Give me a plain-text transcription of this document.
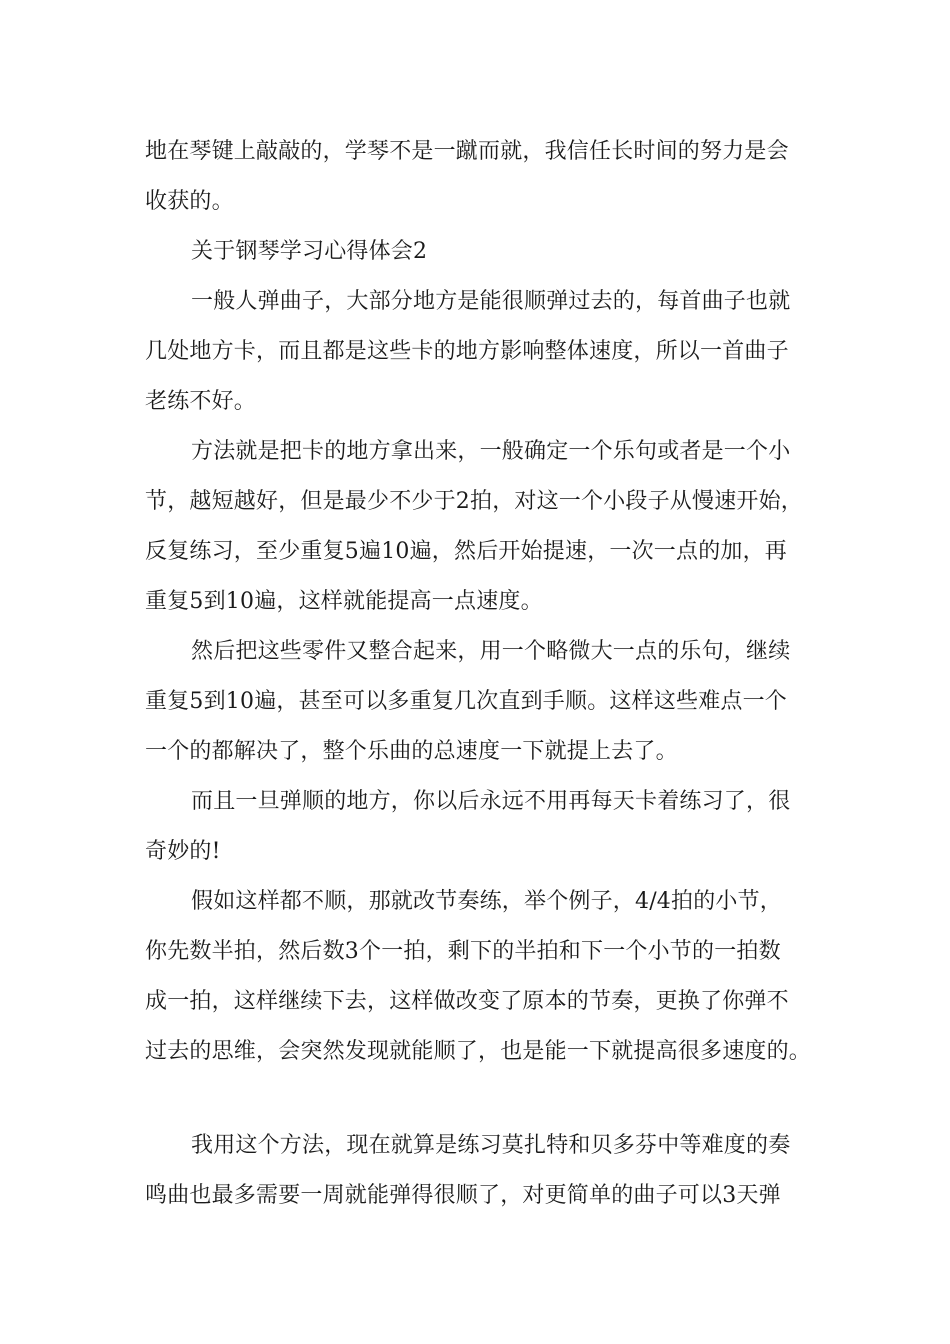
地在琴键上敲敲的，学琴不是一蹴而就，我信任长时间的努力是会
收获的。
关于钢琴学习心得体会2
一般人弹曲子，大部分地方是能很顺弹过去的，每首曲子也就
几处地方卡，而且都是这些卡的地方影响整体速度，所以一首曲子
老练不好。
方法就是把卡的地方拿出来，一般确定一个乐句或者是一个小
节，越短越好，但是最少不少于2拍，对这一个小段子从慢速开始，
反复练习，至少重复5遍10遍，然后开始提速，一次一点的加，再
重复5到10遍，这样就能提高一点速度。
然后把这些零件又整合起来，用一个略微大一点的乐句，继续
重复5到10遍，甚至可以多重复几次直到手顺。这样这些难点一个
一个的都解决了，整个乐曲的总速度一下就提上去了。
而且一旦弹顺的地方，你以后永远不用再每天卡着练习了，很
奇妙的!
假如这样都不顺，那就改节奏练，举个例子，4/4拍的小节，
你先数半拍，然后数3个一拍，剩下的半拍和下一个小节的一拍数
成一拍，这样继续下去，这样做改变了原本的节奏，更换了你弹不
过去的思维，会突然发现就能顺了，也是能一下就提高很多速度的。
我用这个方法，现在就算是练习莫扎特和贝多芬中等难度的奏
鸣曲也最多需要一周就能弹得很顺了，对更简单的曲子可以3天弹
